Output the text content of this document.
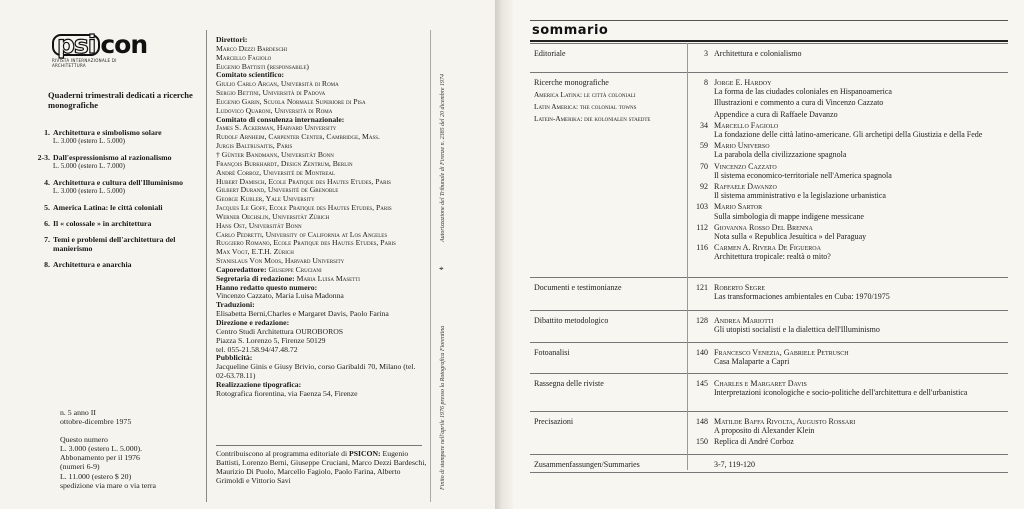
psi con
RIVISTA INTERNAZIONALE DI ARCHITETTURA
Quaderni trimestrali dedicati a ricerche monografiche
1. Architettura e simbolismo solare
L. 3.000 (estero L. 5.000)
2-3. Dall'espressionismo al razionalismo
L. 5.000 (estero L. 7.000)
4. Architettura e cultura dell'Illuminismo
L. 3.000 (estero L. 5.000)
5. America Latina: le città coloniali
6. Il « colossale » in architettura
7. Temi e problemi dell'architettura del manierismo
8. Architettura e anarchia
n. 5 anno II
ottobre-dicembre 1975
Questo numero
L. 3.000 (estero L. 5.000).
Abbonamento per il 1976
(numeri 6-9)
L. 11.000 (estero $ 20)
spedizione via mare o via terra
Direttori:
Marco Dezzi Bardeschi
Marcello Fagiolo
Eugenio Battisti (responsabile)
Comitato scientifico:
Giulio Carlo Argan, Università di Roma
Sergio Bettini, Università di Padova
Eugenio Garin, Scuola Normale Superiore di Pisa
Ludovico Quaroni, Università di Roma
Comitato di consulenza internazionale:
James S. Ackerman, Harvard University
Rudolf Arnheim, Carpenter Center, Cambridge, Mass.
Jurgis Baltrusaitis, Paris
† Günter Bandmann, Universität Bonn
François Burkhardt, Design Zentrum, Berlin
André Corboz, Université de Montreal
Hubert Damisch, Ecole Pratique des Hautes Etudes, Paris
Gilbert Durand, Université de Grenoble
George Kubler, Yale University
Jacques Le Goff, Ecole Pratique des Hautes Etudes, Paris
Werner Oechslin, Universität Zürich
Hans Ost, Universität Bonn
Carlo Pedretti, University of California at Los Angeles
Ruggiero Romano, Ecole Pratique des Hautes Etudes, Paris
Max Vogt, E.T.H. Zürich
Stanislaus Von Moos, Harvard University
Caporedattore: Giuseppe Cruciani
Segretaria di redazione: Maria Luisa Masetti
Hanno redatto questo numero:
Vincenzo Cazzato, Maria Luisa Madonna
Traduzioni:
Elisabetta Berni,Charles e Margaret Davis, Paolo Farina
Direzione e redazione:
Centro Studi Architettura OUROBOROS
Piazza S. Lorenzo 5, Firenze 50129
tel. 055-21.58.94/47.48.72
Pubblicità:
Jacqueline Ginis e Giusy Brivio, corso Garibaldi 70, Milano (tel. 02-63.78.11)
Realizzazione tipografica:
Rotografica fiorentina, via Faenza 54, Firenze
Contribuiscono al programma editoriale di PSICON: Eugenio Battisti, Lorenzo Berni, Giuseppe Cruciani, Marco Dezzi Bardeschi, Maurizio Di Puolo, Marcello Fagiolo, Paolo Farina, Alberto Grimoldi e Vittorio Savi
Autorizzazione del Tribunale di Firenze n. 2385 del 20 dicembre 1974
⌖
Finito di stampare nell'aprile 1976 presso la Rotografica Fiorentina
sommario
Editoriale	3 Architettura e colonialismo
Ricerche monografiche
America Latina: le città coloniali
Latin America: the colonial towns
Latein-Amerika: die kolonialen staedte
8 Jorge E. Hardoy
La forma de las ciudades coloniales en Hispanoamerica
Illustrazioni e commento a cura di Vincenzo Cazzato
Appendice a cura di Raffaele Davanzo
34 Marcello Fagiolo
La fondazione delle città latino-americane. Gli archetipi della Giustizia e della Fede
59 Mario Universo
La parabola della civilizzazione spagnola
70 Vincenzo Cazzato
Il sistema economico-territoriale nell'America spagnola
92 Raffaele Davanzo
Il sistema amministrativo e la legislazione urbanistica
103 Mario Sartor
Sulla simbologia di mappe indigene messicane
112 Giovanna Rosso Del Brenna
Nota sulla « Republica Jesuítica » del Paraguay
116 Carmen A. Rivera De Figueroa
Architettura tropicale: realtà o mito?
Documenti e testimonianze	121 Roberto Segre
Las transformaciones ambientales en Cuba: 1970/1975
Dibattito metodologico	128 Andrea Mariotti
Gli utopisti socialisti e la dialettica dell'Illuminismo
Fotoanalisi	140 Francesco Venezia, Gabriele Petrusch
Casa Malaparte a Capri
Rassegna delle riviste	145 Charles e Margaret Davis
Interpretazioni iconologiche e socio-politiche dell'architettura e dell'urbanistica
Precisazioni	148 Matilde Baffa Rivolta, Augusto Rossari
A proposito di Alexander Klein
150 Replica di André Corboz
Zusammenfassungen/Summaries	3-7, 119-120
